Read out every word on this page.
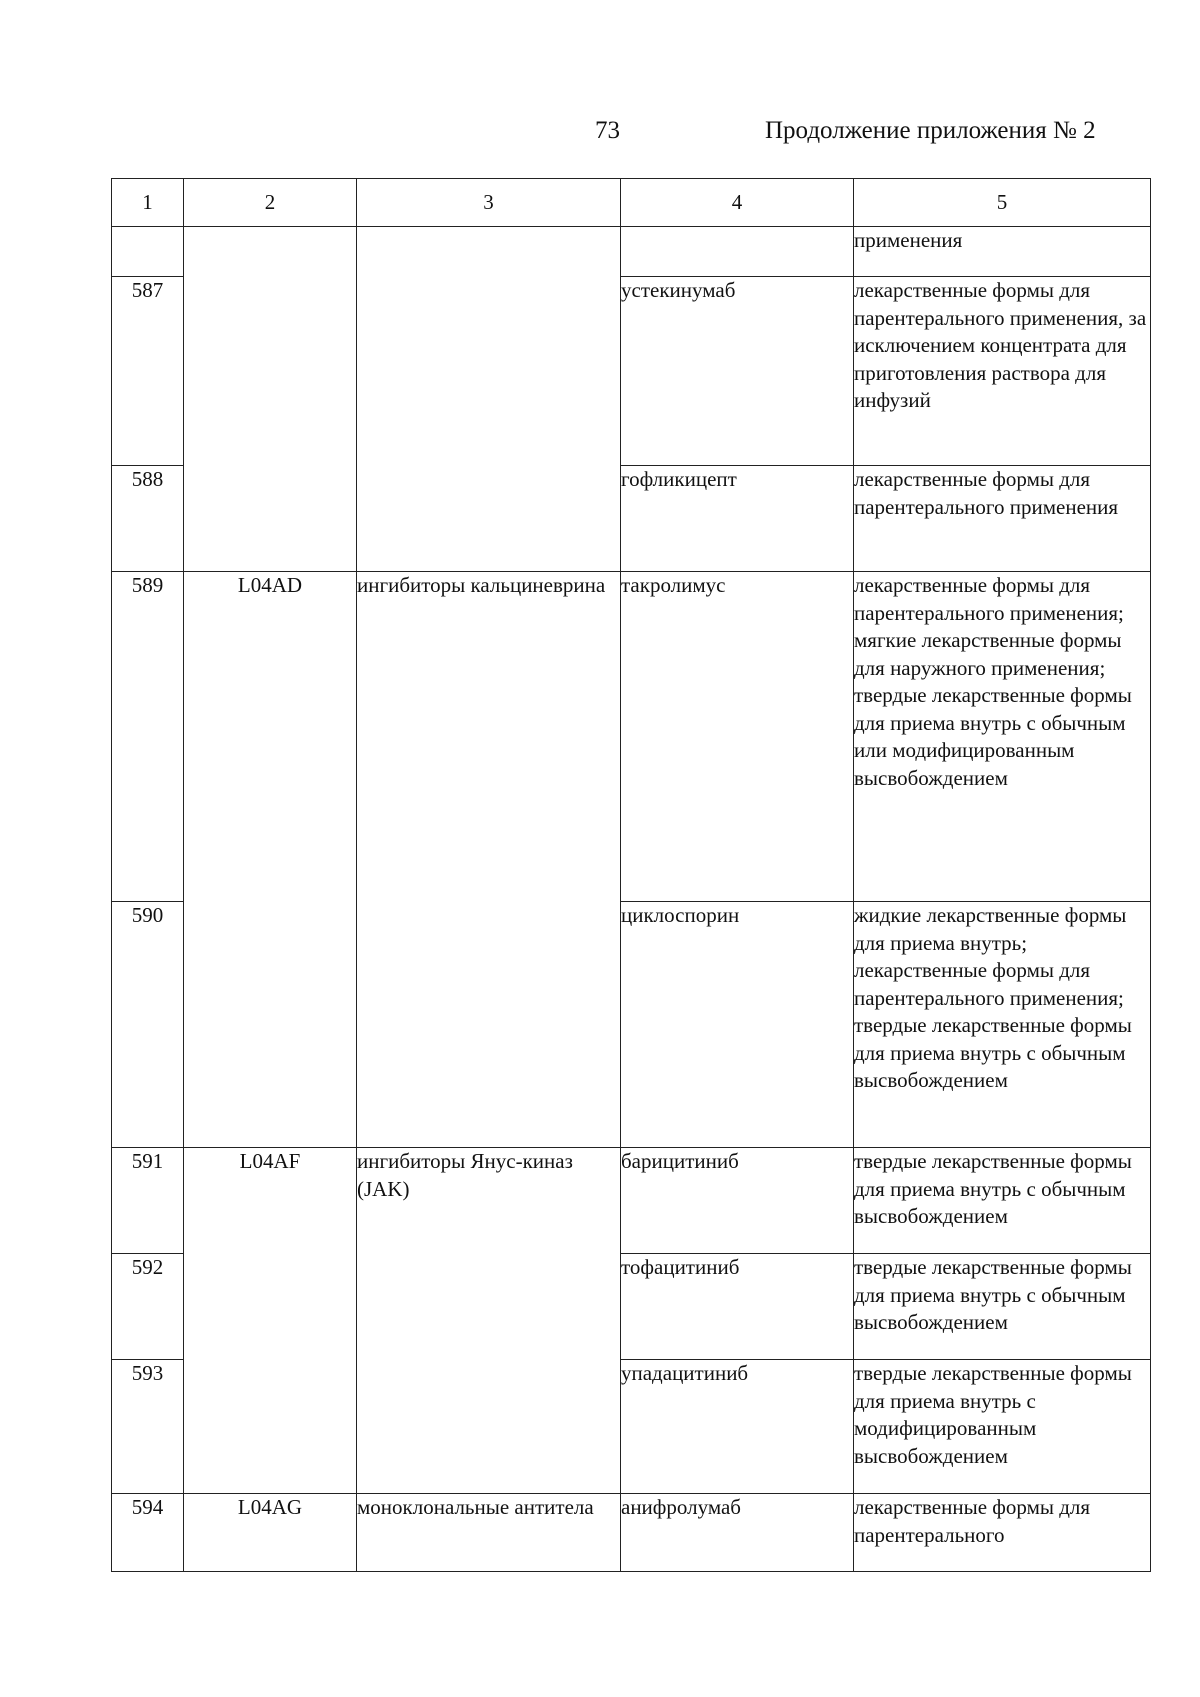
73	Продолжение приложения № 2
1	2	3	4	5

				применения

587			устекинумаб	лекарственные формы для парентерального применения, за исключением концентрата для приготовления раствора для инфузий

588			гофликицепт	лекарственные формы для парентерального применения

589	L04AD	ингибиторы кальциневрина	такролимус	лекарственные формы для парентерального применения;
мягкие лекарственные формы для наружного применения;
твердые лекарственные формы для приема внутрь с обычным или модифицированным высвобождением

590			циклоспорин	жидкие лекарственные формы для приема внутрь;
лекарственные формы для парентерального применения;
твердые лекарственные формы для приема внутрь с обычным высвобождением

591	L04AF	ингибиторы Янус-киназ (JAK)	барицитиниб	твердые лекарственные формы для приема внутрь с обычным высвобождением

592			тофацитиниб	твердые лекарственные формы для приема внутрь с обычным высвобождением

593			упадацитиниб	твердые лекарственные формы для приема внутрь с модифицированным высвобождением

594	L04AG	моноклональные антитела	анифролумаб	лекарственные формы для парентерального
